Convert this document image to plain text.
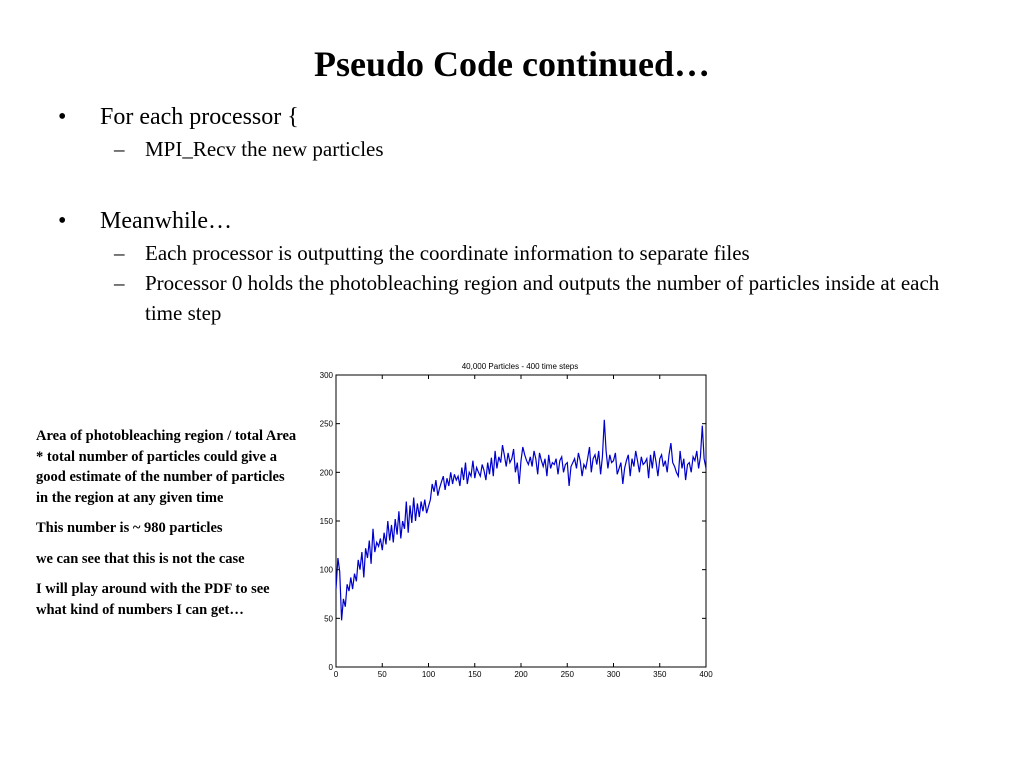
Pseudo Code continued…
• For each processor {
– MPI_Recv the new particles
• Meanwhile…
– Each processor is outputting the coordinate information to separate files
– Processor 0 holds the photobleaching region and outputs the number of particles inside at each time step

Area of photobleaching region / total Area * total number of particles could give a good estimate of the number of particles in the region at any given time

This number is ~ 980 particles

we can see that this is not the case

I will play around with the PDF to see what kind of numbers I can get…

40,000 Particles - 400 time steps
0	50	100	150	200	250	300	350	400
0
50
100
150
200
250
300
